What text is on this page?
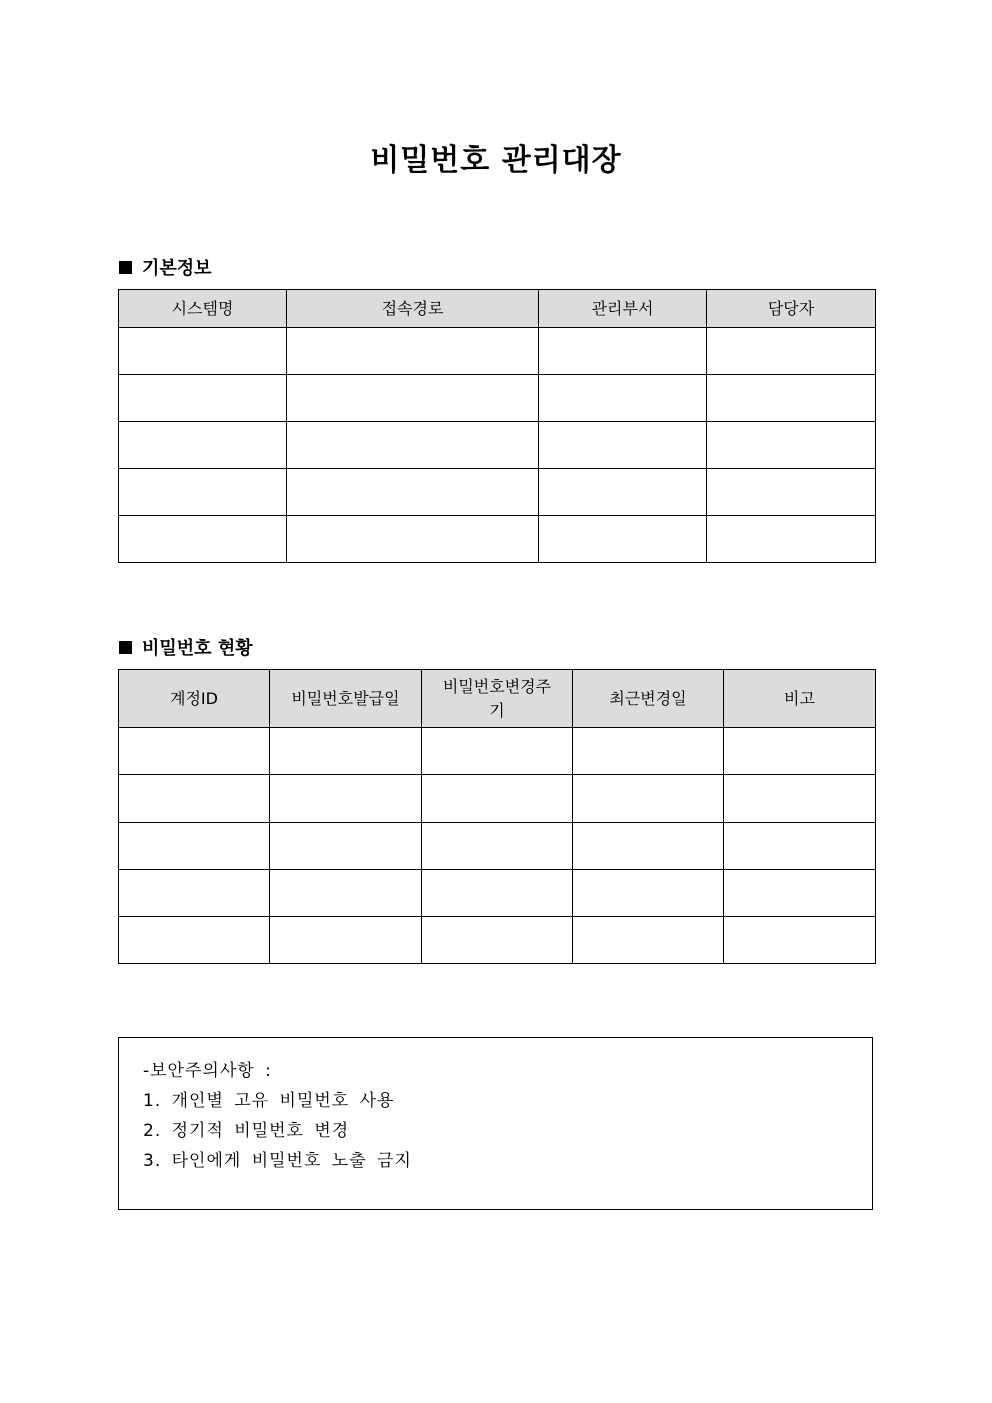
비밀번호 관리대장
기본정보
시스템명	접속경로	관리부서	담당자

비밀번호 현황
계정ID	비밀번호발급일	비밀번호변경주기	최근변경일	비고

-보안주의사항 :
1. 개인별 고유 비밀번호 사용
2. 정기적 비밀번호 변경
3. 타인에게 비밀번호 노출 금지
